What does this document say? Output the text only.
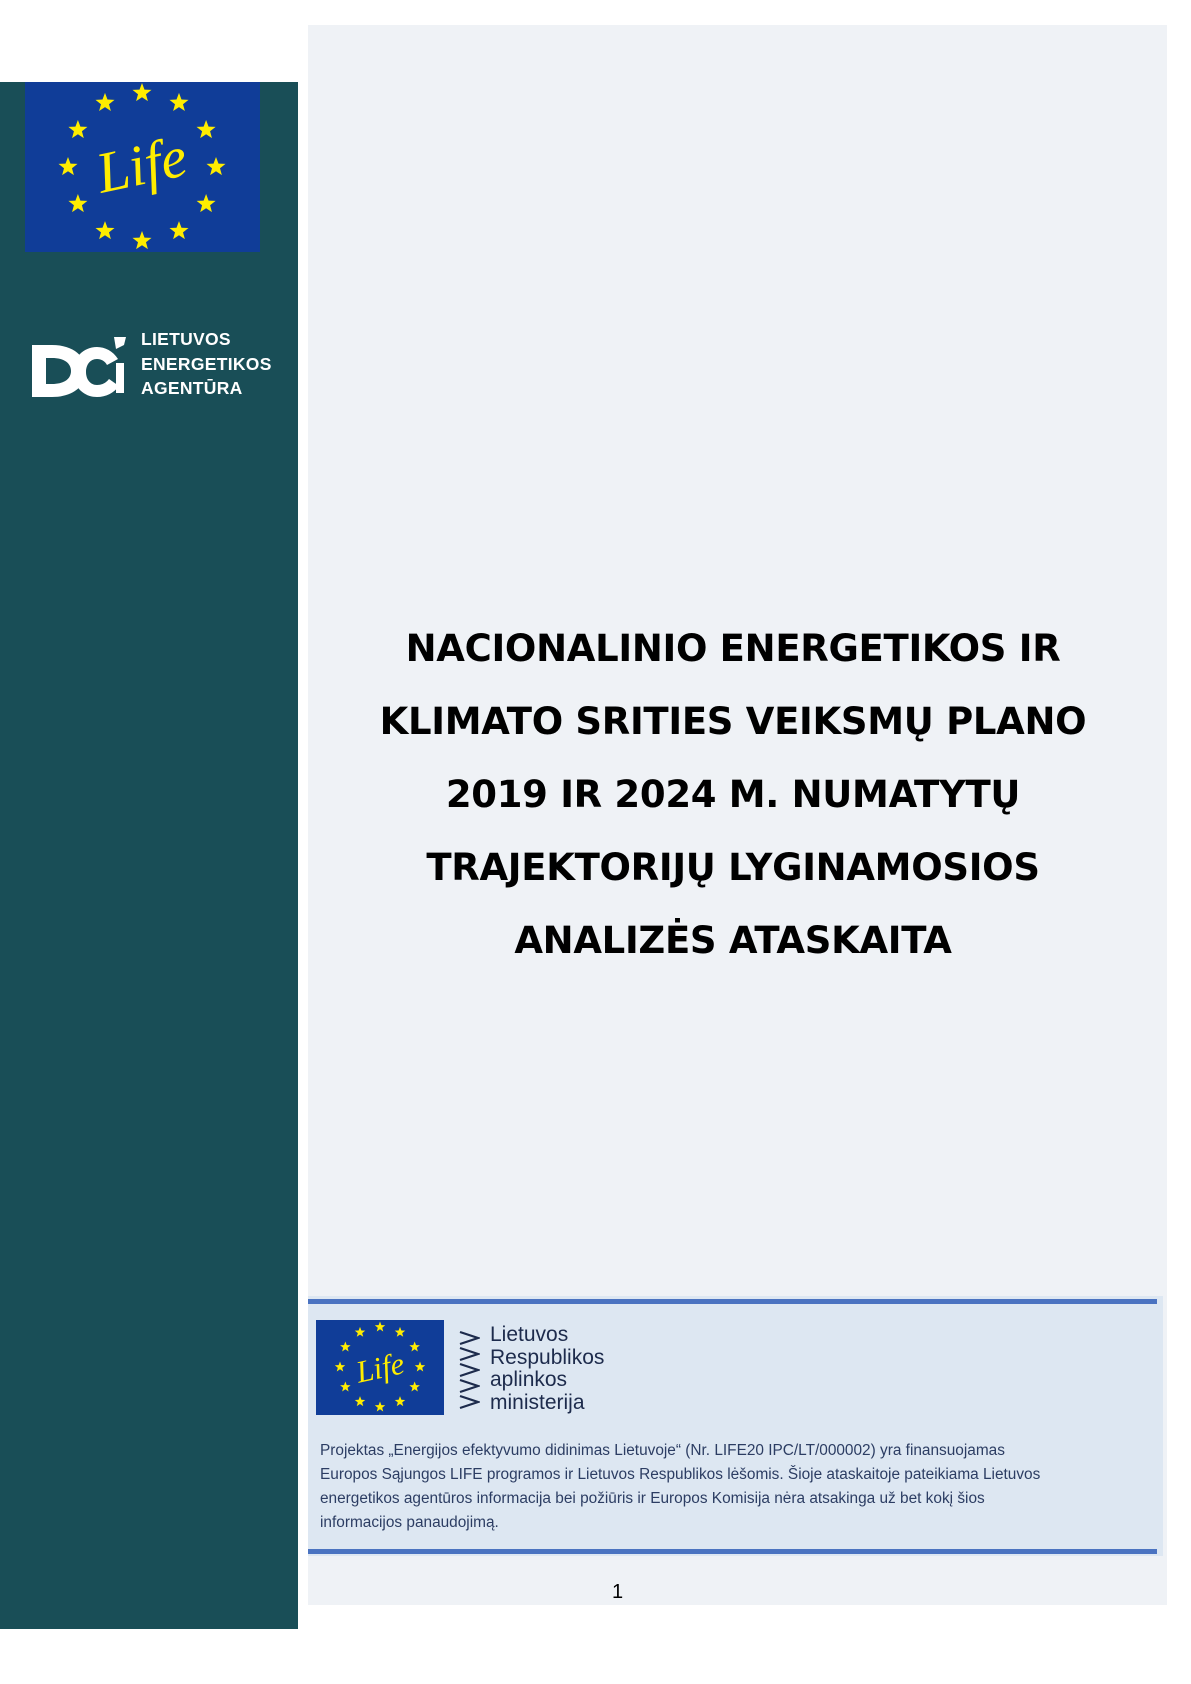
Life
LIETUVOS
ENERGETIKOS
AGENTŪRA
NACIONALINIO ENERGETIKOS IR
KLIMATO SRITIES VEIKSMŲ PLANO
2019 IR 2024 M. NUMATYTŲ
TRAJEKTORIJŲ LYGINAMOSIOS
ANALIZĖS ATASKAITA
Life
Lietuvos
Respublikos
aplinkos
ministerija
Projektas „Energijos efektyvumo didinimas Lietuvoje“ (Nr. LIFE20 IPC/LT/000002) yra finansuojamas
Europos Sąjungos LIFE programos ir Lietuvos Respublikos lėšomis. Šioje ataskaitoje pateikiama Lietuvos
energetikos agentūros informacija bei požiūris ir Europos Komisija nėra atsakinga už bet kokį šios
informacijos panaudojimą.
1
